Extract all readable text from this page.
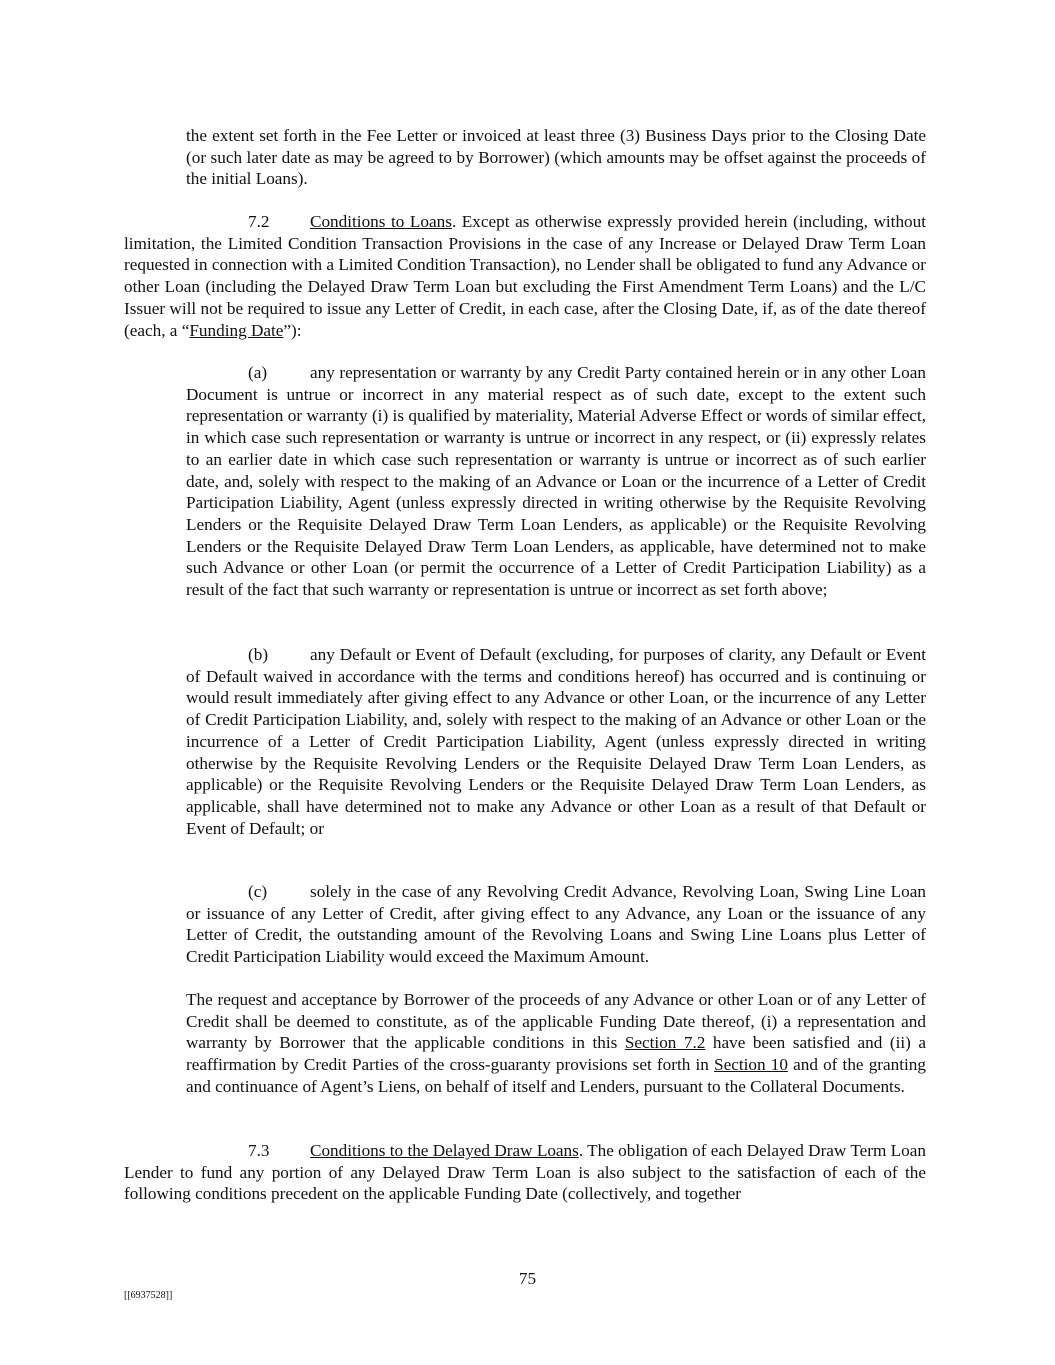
the extent set forth in the Fee Letter or invoiced at least three (3) Business Days prior to the Closing Date (or such later date as may be agreed to by Borrower) (which amounts may be offset against the proceeds of the initial Loans).

7.2 Conditions to Loans. Except as otherwise expressly provided herein (including, without limitation, the Limited Condition Transaction Provisions in the case of any Increase or Delayed Draw Term Loan requested in connection with a Limited Condition Transaction), no Lender shall be obligated to fund any Advance or other Loan (including the Delayed Draw Term Loan but excluding the First Amendment Term Loans) and the L/C Issuer will not be required to issue any Letter of Credit, in each case, after the Closing Date, if, as of the date thereof (each, a “Funding Date”):

(a) any representation or warranty by any Credit Party contained herein or in any other Loan Document is untrue or incorrect in any material respect as of such date, except to the extent such representation or warranty (i) is qualified by materiality, Material Adverse Effect or words of similar effect, in which case such representation or warranty is untrue or incorrect in any respect, or (ii) expressly relates to an earlier date in which case such representation or warranty is untrue or incorrect as of such earlier date, and, solely with respect to the making of an Advance or Loan or the incurrence of a Letter of Credit Participation Liability, Agent (unless expressly directed in writing otherwise by the Requisite Revolving Lenders or the Requisite Delayed Draw Term Loan Lenders, as applicable) or the Requisite Revolving Lenders or the Requisite Delayed Draw Term Loan Lenders, as applicable, have determined not to make such Advance or other Loan (or permit the occurrence of a Letter of Credit Participation Liability) as a result of the fact that such warranty or representation is untrue or incorrect as set forth above;

(b) any Default or Event of Default (excluding, for purposes of clarity, any Default or Event of Default waived in accordance with the terms and conditions hereof) has occurred and is continuing or would result immediately after giving effect to any Advance or other Loan, or the incurrence of any Letter of Credit Participation Liability, and, solely with respect to the making of an Advance or other Loan or the incurrence of a Letter of Credit Participation Liability, Agent (unless expressly directed in writing otherwise by the Requisite Revolving Lenders or the Requisite Delayed Draw Term Loan Lenders, as applicable) or the Requisite Revolving Lenders or the Requisite Delayed Draw Term Loan Lenders, as applicable, shall have determined not to make any Advance or other Loan as a result of that Default or Event of Default; or

(c) solely in the case of any Revolving Credit Advance, Revolving Loan, Swing Line Loan or issuance of any Letter of Credit, after giving effect to any Advance, any Loan or the issuance of any Letter of Credit, the outstanding amount of the Revolving Loans and Swing Line Loans plus Letter of Credit Participation Liability would exceed the Maximum Amount.

The request and acceptance by Borrower of the proceeds of any Advance or other Loan or of any Letter of Credit shall be deemed to constitute, as of the applicable Funding Date thereof, (i) a representation and warranty by Borrower that the applicable conditions in this Section 7.2 have been satisfied and (ii) a reaffirmation by Credit Parties of the cross-guaranty provisions set forth in Section 10 and of the granting and continuance of Agent’s Liens, on behalf of itself and Lenders, pursuant to the Collateral Documents.

7.3 Conditions to the Delayed Draw Loans. The obligation of each Delayed Draw Term Loan Lender to fund any portion of any Delayed Draw Term Loan is also subject to the satisfaction of each of the following conditions precedent on the applicable Funding Date (collectively, and together

75
[[6937528]]
